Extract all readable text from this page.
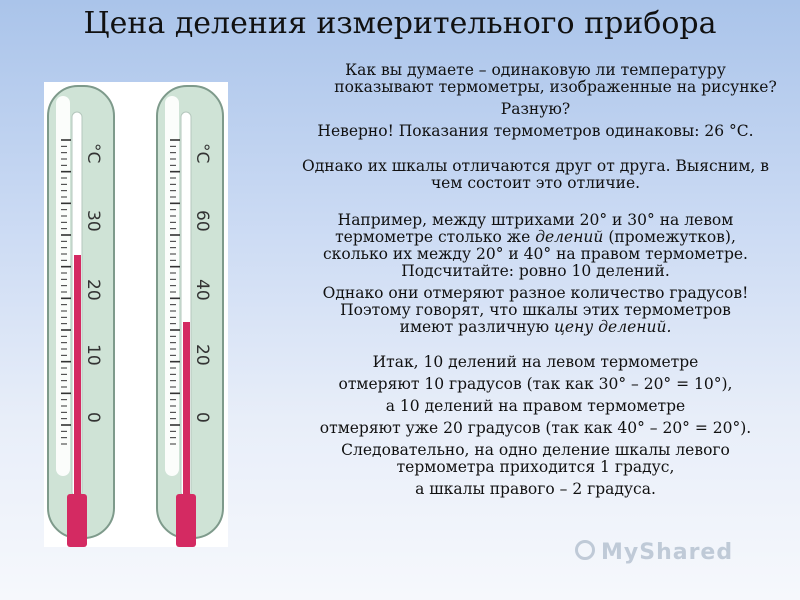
Цена деления измерительного прибора
°C
30
20
10
0
°C
60
40
20
0

Как вы думаете – одинаковую ли температуру

показывают термометры, изображенные на рисунке?

Разную?

Неверно! Показания термометров одинаковы: 26 °С.

Однако их шкалы отличаются друг от друга. Выясним, в

чем состоит это отличие.

Например, между штрихами 20° и 30° на левом

термометре столько же делений (промежутков),

сколько их между 20° и 40° на правом термометре.

Подсчитайте: ровно 10 делений.

Однако они отмеряют разное количество градусов!

Поэтому говорят, что шкалы этих термометров

имеют различную цену делений.

Итак, 10 делений на левом термометре

отмеряют 10 градусов (так как 30° – 20° = 10°),

а 10 делений на правом термометре

отмеряют уже 20 градусов (так как 40° – 20° = 20°).

Следовательно, на одно деление шкалы левого

термометра приходится 1 градус,

а шкалы правого – 2 градуса.

MyShared
